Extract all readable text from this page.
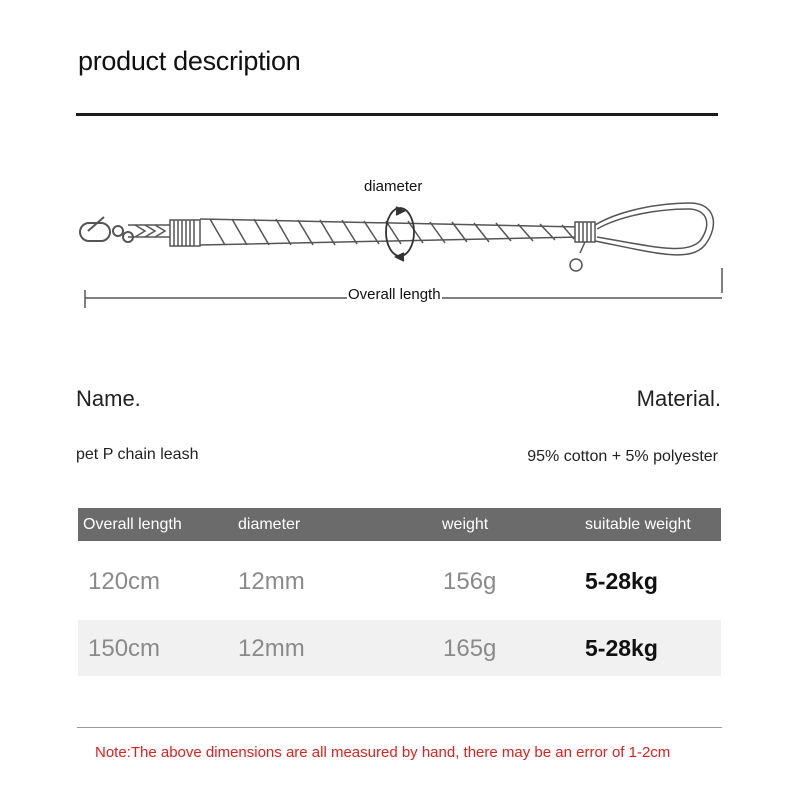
product description
diameter
Overall length
Name.	Material.
pet P chain leash	95% cotton + 5% polyester
Overall length	diameter	weight	suitable weight
120cm	12mm	156g	5-28kg
150cm	12mm	165g	5-28kg
Note:The above dimensions are all measured by hand, there may be an error of 1-2cm
